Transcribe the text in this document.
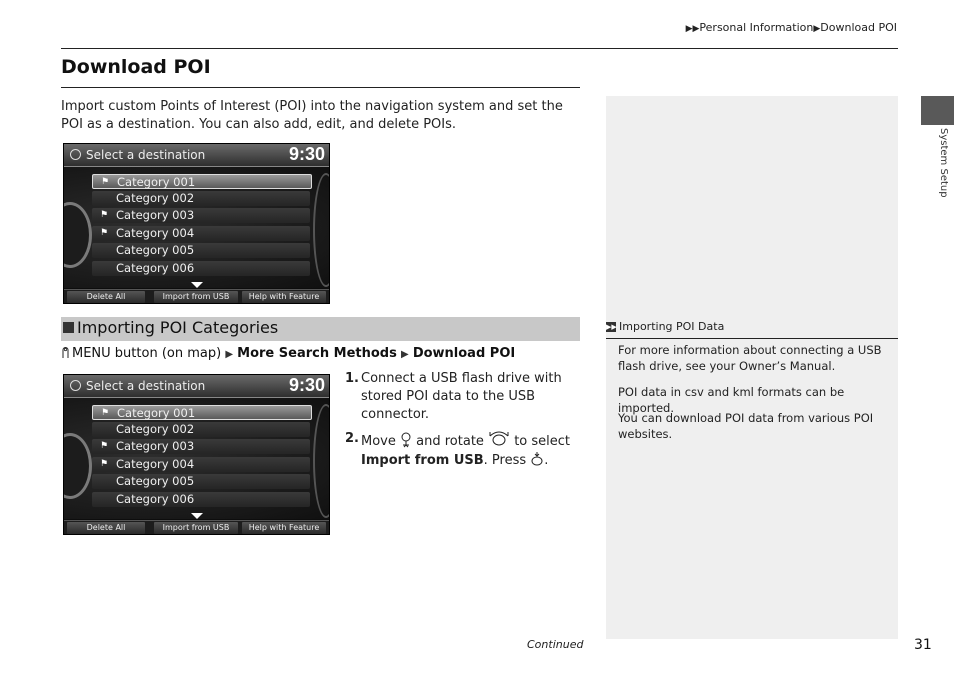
▶▶Personal Information▶Download POI
Download POI
Import custom Points of Interest (POI) into the navigation system and set the POI as a destination. You can also add, edit, and delete POIs.
System Setup
Select a destination	9:30
⚑ Category 001
Category 002
⚑ Category 003
⚑ Category 004
Category 005
Category 006
Delete All	Import from USB	Help with Feature
Importing POI Categories
MENU button (on map) ▶ More Search Methods ▶ Download POI
Select a destination	9:30
⚑ Category 001
Category 002
⚑ Category 003
⚑ Category 004
Category 005
Category 006
Delete All	Import from USB	Help with Feature
1. Connect a USB flash drive with stored POI data to the USB connector.
2. Move and rotate to select Import from USB. Press .
▶▶ Importing POI Data
For more information about connecting a USB flash drive, see your Owner’s Manual.
POI data in csv and kml formats can be imported.
You can download POI data from various POI websites.
Continued	31
